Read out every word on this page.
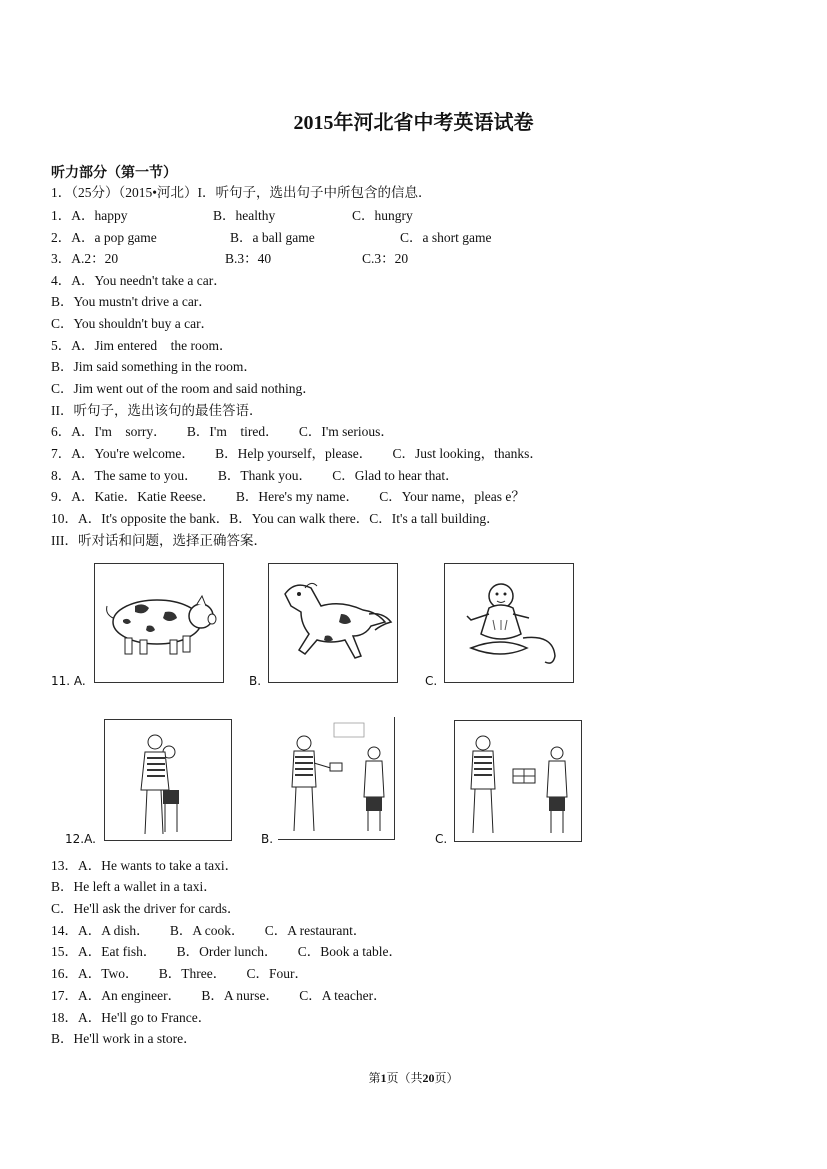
2015年河北省中考英语试卷
听力部分（第一节）
1．（25分）（2015•河北）I．听句子，选出句子中所包含的信息．
1．A．happy	B．healthy	C．hungry
2．A．a pop game	B．a ball game	C．a short game
3．A.2：20	B.3：40	C.3：20
4．A．You needn't take a car．
B．You mustn't drive a car．
C．You shouldn't buy a car．
5．A．Jim entered    the room．
B．Jim said something in the room．
C．Jim went out of the room and said nothing．
II．听句子，选出该句的最佳答语．
6．A．I'm    sorry．      B．I'm    tired．      C．I'm serious．
7．A．You're welcome．      B．Help yourself，please．      C．Just looking，thanks．
8．A．The same to you．      B．Thank you．      C．Glad to hear that．
9．A．Katie．Katie Reese．      B．Here's my name．      C．Your name，pleas e？
10．A．It's opposite the bank．B．You can walk there．C．It's a tall building．
III．听对话和问题，选择正确答案．
11. A.	B.	C.
12.A.	B.	C.
13．A．He wants to take a taxi．
B．He left a wallet in a taxi．
C．He'll ask the driver for cards．
14．A．A dish．      B．A cook．      C．A restaurant．
15．A．Eat fish．      B．Order lunch．      C．Book a table．
16．A．Two．      B．Three．      C．Four．
17．A．An engineer．      B．A nurse．      C．A teacher．
18．A．He'll go to France．
B．He'll work in a store．
第1页（共20页）
